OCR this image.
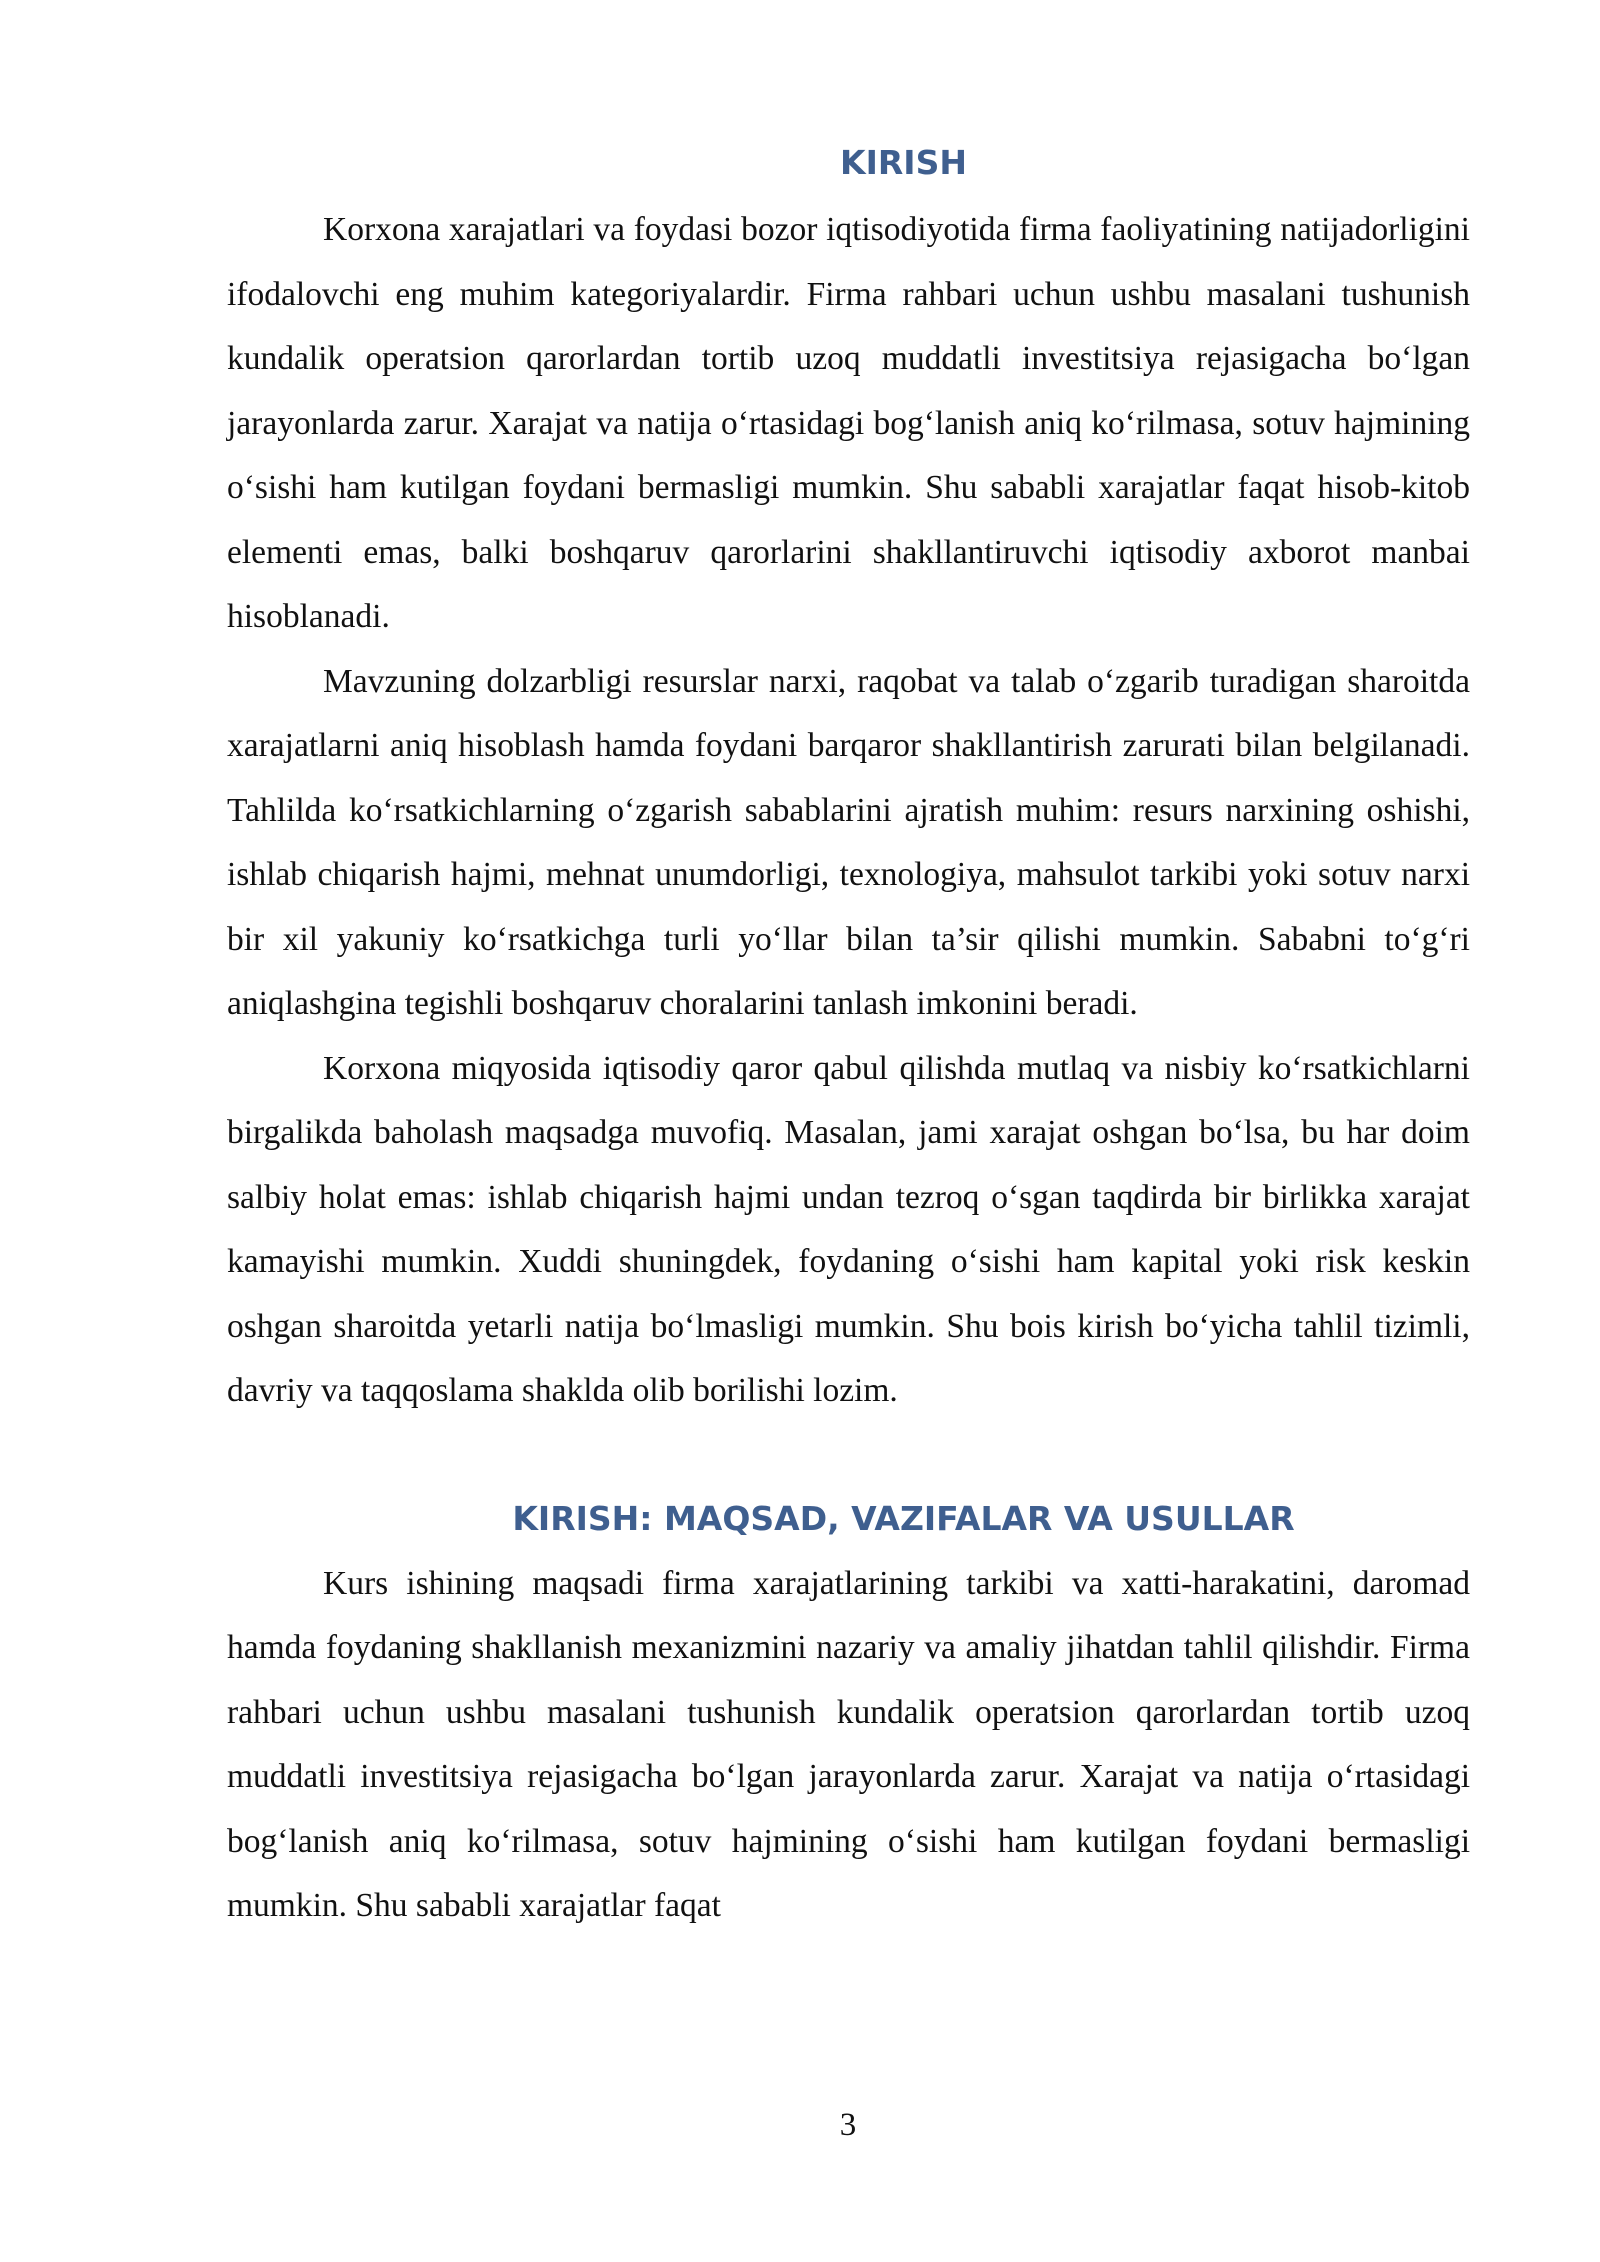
KIRISH

Korxona xarajatlari va foydasi bozor iqtisodiyotida firma faoliyatining natijadorligini ifodalovchi eng muhim kategoriyalardir. Firma rahbari uchun ushbu masalani tushunish kundalik operatsion qarorlardan tortib uzoq muddatli investitsiya rejasigacha bo‘lgan jarayonlarda zarur. Xarajat va natija o‘rtasidagi bog‘lanish aniq ko‘rilmasa, sotuv hajmining o‘sishi ham kutilgan foydani bermasligi mumkin. Shu sababli xarajatlar faqat hisob-kitob elementi emas, balki boshqaruv qarorlarini shakllantiruvchi iqtisodiy axborot manbai hisoblanadi.

Mavzuning dolzarbligi resurslar narxi, raqobat va talab o‘zgarib turadigan sharoitda xarajatlarni aniq hisoblash hamda foydani barqaror shakllantirish zarurati bilan belgilanadi. Tahlilda ko‘rsatkichlarning o‘zgarish sabablarini ajratish muhim: resurs narxining oshishi, ishlab chiqarish hajmi, mehnat unumdorligi, texnologiya, mahsulot tarkibi yoki sotuv narxi bir xil yakuniy ko‘rsatkichga turli yo‘llar bilan ta’sir qilishi mumkin. Sababni to‘g‘ri aniqlashgina tegishli boshqaruv choralarini tanlash imkonini beradi.

Korxona miqyosida iqtisodiy qaror qabul qilishda mutlaq va nisbiy ko‘rsatkichlarni birgalikda baholash maqsadga muvofiq. Masalan, jami xarajat oshgan bo‘lsa, bu har doim salbiy holat emas: ishlab chiqarish hajmi undan tezroq o‘sgan taqdirda bir birlikka xarajat kamayishi mumkin. Xuddi shuningdek, foydaning o‘sishi ham kapital yoki risk keskin oshgan sharoitda yetarli natija bo‘lmasligi mumkin. Shu bois kirish bo‘yicha tahlil tizimli, davriy va taqqoslama shaklda olib borilishi lozim.

KIRISH: MAQSAD, VAZIFALAR VA USULLAR

Kurs ishining maqsadi firma xarajatlarining tarkibi va xatti-harakatini, daromad hamda foydaning shakllanish mexanizmini nazariy va amaliy jihatdan tahlil qilishdir. Firma rahbari uchun ushbu masalani tushunish kundalik operatsion qarorlardan tortib uzoq muddatli investitsiya rejasigacha bo‘lgan jarayonlarda zarur. Xarajat va natija o‘rtasidagi bog‘lanish aniq ko‘rilmasa, sotuv hajmining o‘sishi ham kutilgan foydani bermasligi mumkin. Shu sababli xarajatlar faqat

3
